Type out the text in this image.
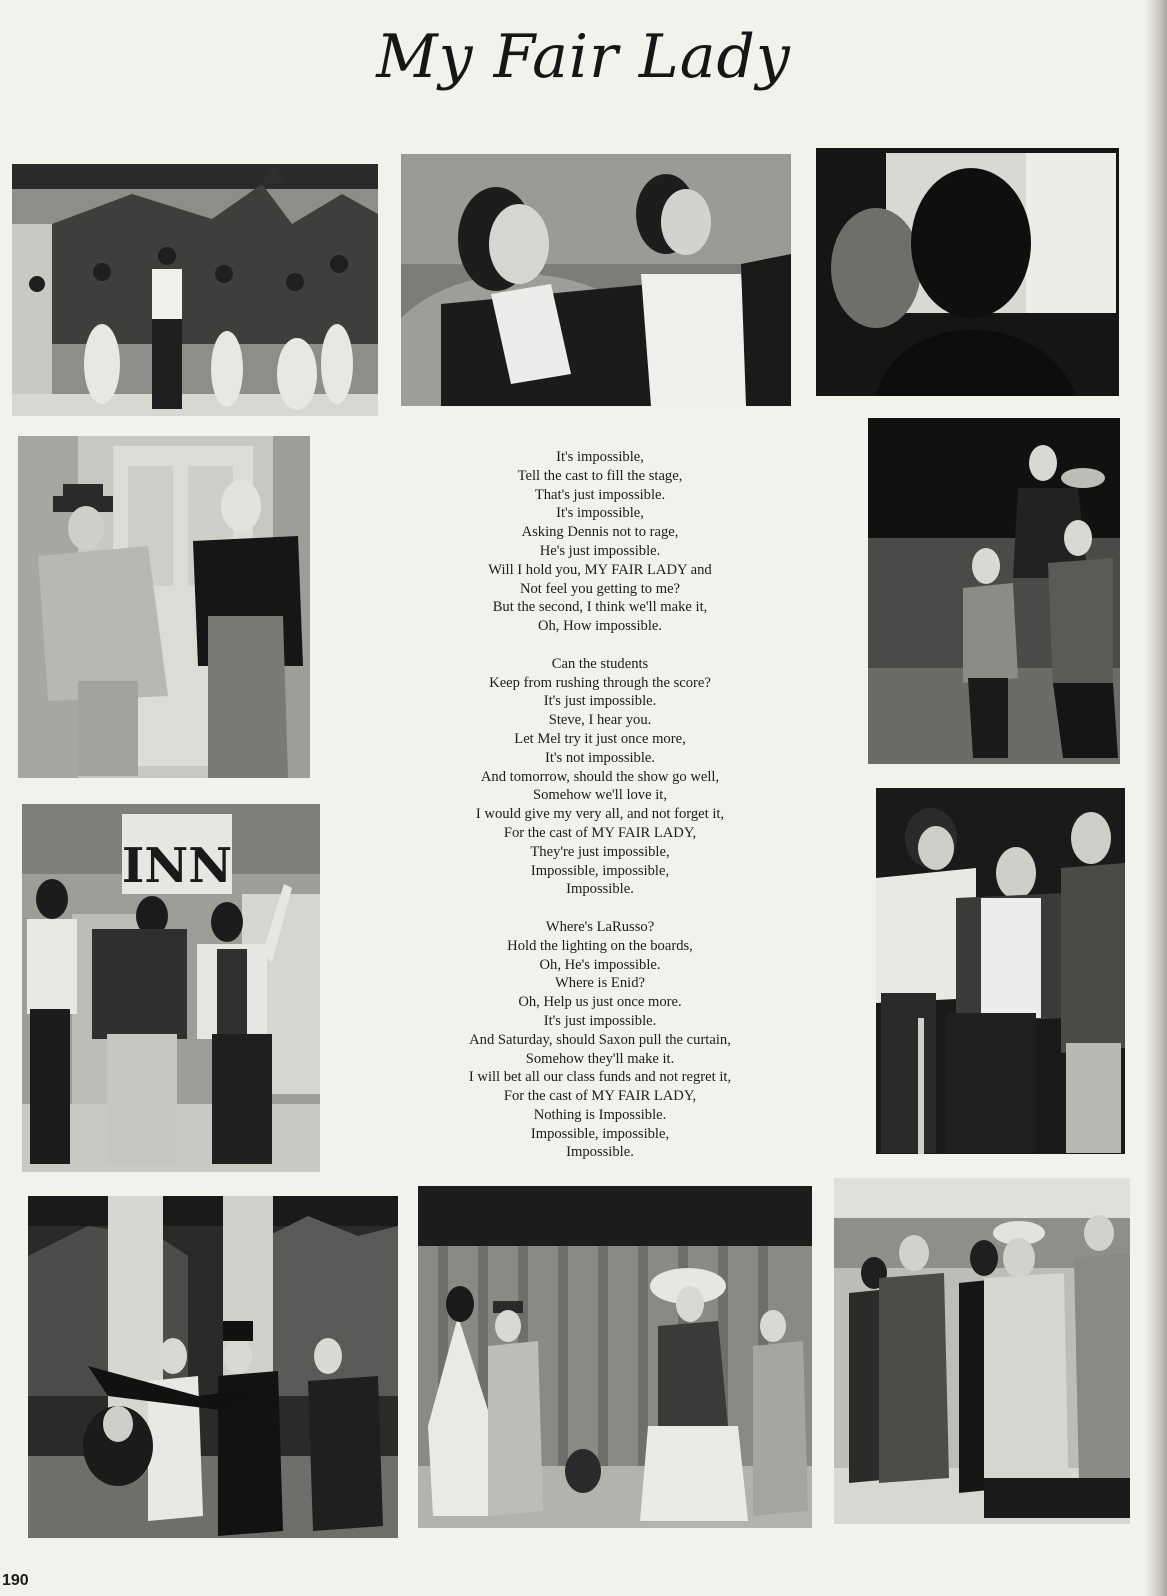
My Fair Lady
INN
It's impossible,
Tell the cast to fill the stage,
That's just impossible.
It's impossible,
Asking Dennis not to rage,
He's just impossible.
Will I hold you, MY FAIR LADY and
Not feel you getting to me?
But the second, I think we'll make it,
Oh, How impossible.
Can the students
Keep from rushing through the score?
It's just impossible.
Steve, I hear you.
Let Mel try it just once more,
It's not impossible.
And tomorrow, should the show go well,
Somehow we'll love it,
I would give my very all, and not forget it,
For the cast of MY FAIR LADY,
They're just impossible,
Impossible, impossible,
Impossible.
Where's LaRusso?
Hold the lighting on the boards,
Oh, He's impossible.
Where is Enid?
Oh, Help us just once more.
It's just impossible.
And Saturday, should Saxon pull the curtain,
Somehow they'll make it.
I will bet all our class funds and not regret it,
For the cast of MY FAIR LADY,
Nothing is Impossible.
Impossible, impossible,
Impossible.
190
